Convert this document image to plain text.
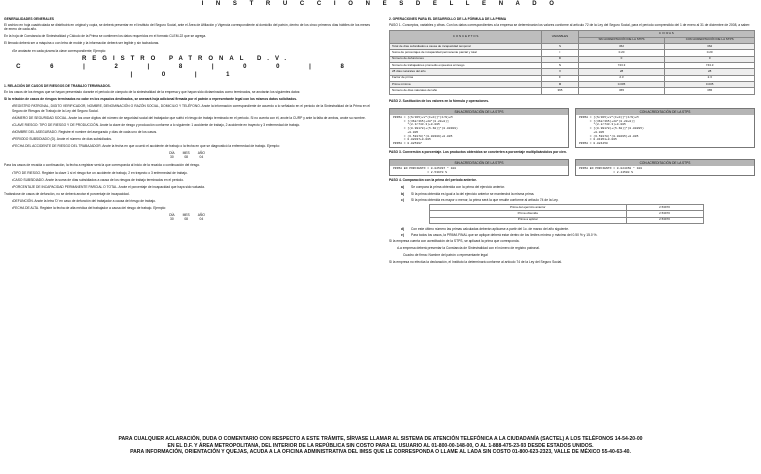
I N S T R U C C I O N E S D E L L E N A D O
GENERALIDADES GENERALES

El archivo en hoja cuadriculada se distribuirá en original y copia, se deberá presentar en el Instituto del Seguro Social, ante el Área de Afiliación y Vigencia correspondiente al domicilio del patrón, dentro de los cinco primeros días hábiles de los meses de enero de cada año.

En la hoja de Constancia de Siniestralidad y Cálculo de la Prima se contienen los datos requeridos en el formato CLEM-22 que se agrega.

El llenado deberá ser a máquina o con letra de molde y la información deberá ser legible y sin tachaduras.

• Se anotarán en cada pizarra la clave correspondiente; Ejemplo:
REGISTRO PATRONAL D.V.
C 6 | 2 | 8 | 0 0 | 8 | 0 | 1
1. RELACIÓN DE CASOS DE RIESGOS DE TRABAJO TERMINADOS.

En los casos de los riesgos que se hayan presentado durante el periodo de cómputo de la siniestralidad de la empresa y que hayan sido dictaminados como terminados, se anotarán los siguientes datos:

Si la relación de casos de riesgos terminados no cabe en los espacios destinados, se anexará hoja adicional firmada por el patrón o representante legal con los mismos datos solicitados.

• REGISTRO PATRONAL, DIGITO VERIFICADOR, NOMBRE, DENOMINACIÓN O RAZÓN SOCIAL, DOMICILIO Y TELÉFONO. Anote la información correspondiente de acuerdo a lo señalado en el periodo de la Siniestralidad de la Prima en el Seguro de Riesgos de Trabajo de la Ley del Seguro Social.
• NÚMERO DE SEGURIDAD SOCIAL. Anote los once dígitos del número de seguridad social del trabajador que sufrió el riesgo de trabajo terminado en el periodo. Si no cuenta con él, anote la CURP y ante la falta de ambos, anote su nombre.
• CLAVE RIESGO: TIPO DE RIESGO Y DE PRODUCCIÓN. Anote la clave de riesgo y producción conforme a lo siguiente: 1 accidente de trabajo, 2 accidente en trayecto y 3 enfermedad de trabajo.
• NOMBRE DEL ASEGURADO. Registre el nombre del asegurado y días de cada uno de los casos.
• PERIODO SUBSIDIADO (D). Anote el número de días subsidiados.
• FECHA DEL ACCIDENTE DE RIESGO DEL TRABAJADOR. Anote la fecha en que ocurrió el accidente de trabajo o la fecha en que se diagnosticó la enfermedad de trabajo. Ejemplo:
DÍA
30
MES
08
AÑO
04

Para los casos de recaída o continuación, la fecha a registrar será la que corresponda al inicio de la recaída o continuación del riesgo.

• TIPO DE RIESGO. Registre la clave 1 si el riesgo fue un accidente de trabajo, 2 en trayecto o 3 enfermedad de trabajo.
• CASO SUBSIDIADO. Anote la suma de días subsidiados a causa de los riesgos de trabajo terminados en el periodo.
• PORCENTAJE DE INCAPACIDAD PERMANENTE PARCIAL O TOTAL. Anote el porcentaje de incapacidad que haya sido valuada.

Tratándose de casos de defunción, no se deberá anotar el porcentaje de incapacidad.

• DEFUNCIÓN. Anote la letra 'D' en caso de defunción del trabajador a causa del riesgo de trabajo.
• FECHA DE ALTA. Registre la fecha de alta médica del trabajador a causa del riesgo de trabajo. Ejemplo:
DÍA
30
MES
08
AÑO
04
2. OPERACIONES PARA EL DESARROLLO DE LA FÓRMULA DE LA PRIMA

PASO 1. Conceptos, variables y cifras. Con los datos correspondientes a la empresa se determinarán los valores conforme al artículo 72 de la Ley del Seguro Social, para el período comprendido del 1 de enero al 31 de diciembre de 2008, a saber:

C O N C E P T O S	VARIABLES	C I F R A S	
		SIN ACREDITACIÓN DE LA STPS	CON ACREDITACIÓN DE LA STPS
Total de días subsidiados a causa de incapacidad temporal	S	362	362
Suma de porcentajes de incapacidad permanente parcial y total	I	0.20	0.20
Número de defunciones	D	0	0
Número de trabajadores promedio expuestos al riesgo	N	743.3	743.3
28 días naturales del año	V	28	28
Factor de prima	F	2.3	2.3
Prima mínima	M	0.005	0.005
Número de días naturales del año	365	365	365

PASO 2. Sustitución de los valores en la fórmula y operaciones.

SIN ACREDITACIÓN DE LA STPS
PRIMA = [(S/365)+V*(I+D)]*(F/N)+M
= [(362/365)+28*(0.20+0)]
*(2.3/743.3)+0.005
= [(0.99178)+(5.60)]*(0.00309)
+0.005
= (6.59178)*(0.00309)+0.005
= 0.02037+0.005
PRIMA = 0.025397
CON ACREDITACIÓN DE LA STPS
PRIMA = [(S/365)+V*(I+D)]*(F/N)+M
= [(362/365)+28*(0.20+0)]
*(2.2/743.3)+0.005
= [(0.99178)+(5.60)]*(0.00295)
+0.005
= (6.59178)*(0.00295)+0.005
= 0.01951+0.005
PRIMA = 0.024450

PASO 3. Conversión a porcentaje. Los productos obtenidos se convierten a porcentaje multiplicándolos por cien.

SIN ACREDITACIÓN DE LA STPS
PRIMA EN PORCIENTO = 0.025397 * 100
= 2.53970 %
CON ACREDITACIÓN DE LA STPS
PRIMA EN PORCIENTO = 0.024450 * 100
= 2.44500 %

PASO 4. Comparación con la prima del periodo anterior.

a)	Se compara la prima obtenida con la prima del ejercicio anterior.
b)	Si la prima obtenida es igual a la del ejercicio anterior se mantendrá la misma prima.
c)	Si la prima obtenida es mayor o menor, la prima será la que resulte conforme al artículo 74 de la Ley.
Prima del ejercicio anterior	2.53970
Prima obtenida	2.53970
Prima a aplicar	2.53970
d)	Con este último número las primas calculadas deberán aplicarse a partir del 1o. de marzo del año siguiente.
e)	Para todos los casos, la PRIMA FINAL que se aplique deberá estar dentro de los límites mínimo y máximo del 0.50 % y 15.0 %.

Si la empresa cuenta con acreditación de la STPS, se aplicará la prima que corresponda.

• La empresa deberá presentar la Constancia de Siniestralidad con el número de registro patronal.

Cuadro de firma: Nombre del patrón o representante legal

Si la empresa no efectúa la declaración, el Instituto la determinará conforme al artículo 74 de la Ley del Seguro Social.

PARA CUALQUIER ACLARACIÓN, DUDA O COMENTARIO CON RESPECTO A ESTE TRÁMITE, SÍRVASE LLAMAR AL SISTEMA DE ATENCIÓN TELEFÓNICA A LA CIUDADANÍA (SACTEL) A LOS TELÉFONOS 14-54-20-00
EN EL D.F. Y ÁREA METROPOLITANA, DEL INTERIOR DE LA REPÚBLICA SIN COSTO PARA EL USUARIO AL 01-800-00-148-00, O AL 1-888-475-23-93 DESDE ESTADOS UNIDOS.
PARA INFORMACIÓN, ORIENTACIÓN Y QUEJAS, ACUDA A LA OFICINA ADMINISTRATIVA DEL IMSS QUE LE CORRESPONDA O LLAME AL LADA SIN COSTO 01-800-623-2323, VALLE DE MÉXICO 55-40-63-40.
